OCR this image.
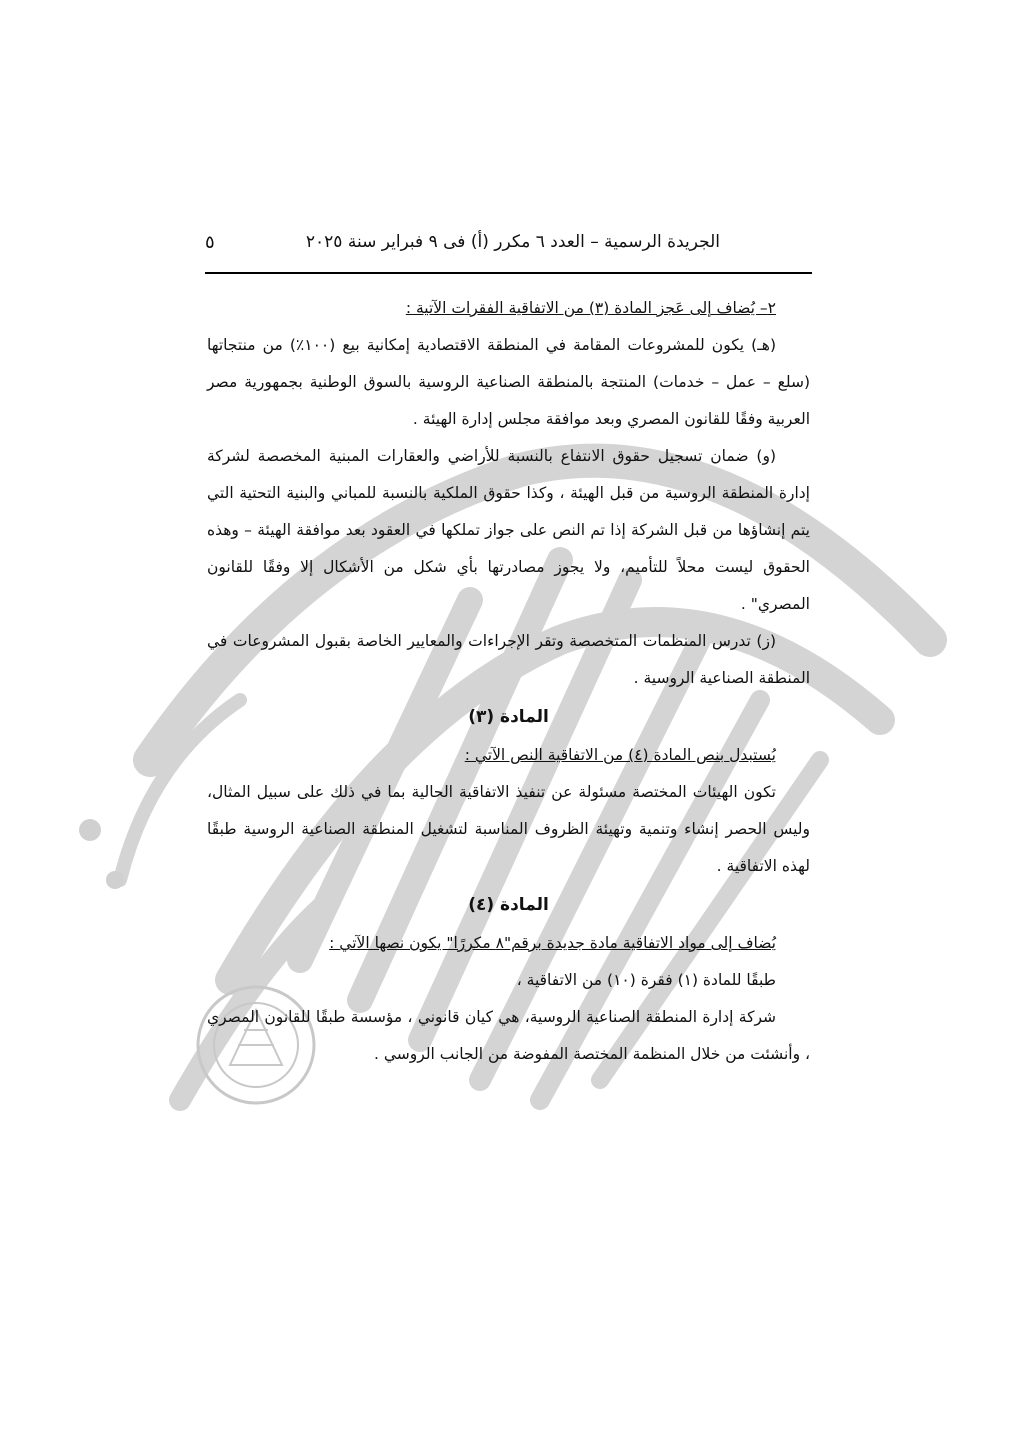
الجريدة الرسمية – العدد ٦ مكرر (أ) فى ٩ فبراير سنة ٢٠٢٥
٥

٢– يُضاف إلى عَجز المادة (٣) من الاتفاقية الفقرات الآتية :

(هـ) يكون للمشروعات المقامة في المنطقة الاقتصادية إمكانية بيع (١٠٠٪) من منتجاتها (سلع – عمل – خدمات) المنتجة بالمنطقة الصناعية الروسية بالسوق الوطنية بجمهورية مصر العربية وفقًا للقانون المصري وبعد موافقة مجلس إدارة الهيئة .

(و) ضمان تسجيل حقوق الانتفاع بالنسبة للأراضي والعقارات المبنية المخصصة لشركة إدارة المنطقة الروسية من قبل الهيئة ، وكذا حقوق الملكية بالنسبة للمباني والبنية التحتية التي يتم إنشاؤها من قبل الشركة إذا تم النص على جواز تملكها في العقود بعد موافقة الهيئة – وهذه الحقوق ليست محلاً للتأميم، ولا يجوز مصادرتها بأي شكل من الأشكال إلا وفقًا للقانون المصري" .

(ز) تدرس المنظمات المتخصصة وتقر الإجراءات والمعايير الخاصة بقبول المشروعات في المنطقة الصناعية الروسية .

المادة (٣)

يُستبدل بنص المادة (٤) من الاتفاقية النص الآتي :

تكون الهيئات المختصة مسئولة عن تنفيذ الاتفاقية الحالية بما في ذلك على سبيل المثال، وليس الحصر إنشاء وتنمية وتهيئة الظروف المناسبة لتشغيل المنطقة الصناعية الروسية طبقًا لهذه الاتفاقية .

المادة (٤)

يُضاف إلى مواد الاتفاقية مادة جديدة برقم"٨ مكررًا" يكون نصها الآتي :

طبقًا للمادة (١) فقرة (١٠) من الاتفاقية ،

شركة إدارة المنطقة الصناعية الروسية، هي كيان قانوني ، مؤسسة طبقًا للقانون المصري ، وأنشئت من خلال المنظمة المختصة المفوضة من الجانب الروسي .
